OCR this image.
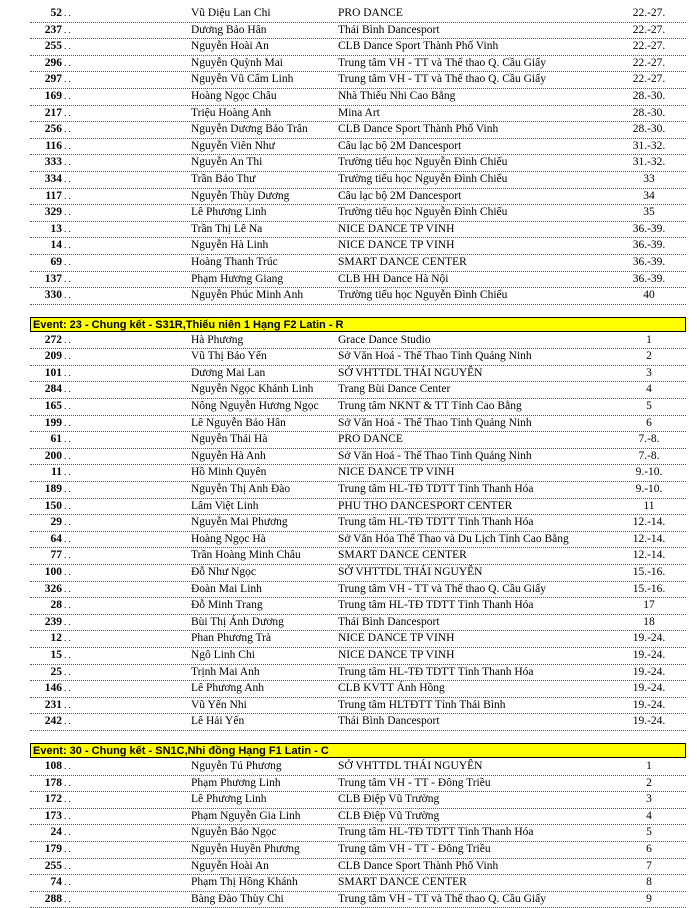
52 . .	Vũ Diệu Lan Chi	PRO DANCE	22.-27.
237 . .	Dương Bảo Hân	Thái Bình Dancesport	22.-27.
255 . .	Nguyễn Hoài An	CLB Dance Sport Thành Phố Vinh	22.-27.
296 . .	Nguyễn Quỳnh Mai	Trung tâm VH - TT và Thể thao Q. Cầu Giấy	22.-27.
297 . .	Nguyễn Vũ Cẩm Linh	Trung tâm VH - TT và Thể thao Q. Cầu Giấy	22.-27.
169 . .	Hoàng Ngọc Châu	Nhà Thiếu Nhi Cao Bằng	28.-30.
217 . .	Triệu Hoàng Anh	Mina Art	28.-30.
256 . .	Nguyễn Dương Bảo Trân	CLB Dance Sport Thành Phố Vinh	28.-30.
116 . .	Nguyễn Viên Như	Câu lạc bộ 2M Dancesport	31.-32.
333 . .	Nguyễn An Thi	Trường tiểu học Nguyễn Đình Chiểu	31.-32.
334 . .	Trần Bảo Thư	Trường tiểu học Nguyễn Đình Chiểu	33
117 . .	Nguyễn Thùy Dương	Câu lạc bộ 2M Dancesport	34
329 . .	Lê Phương Linh	Trường tiểu học Nguyễn Đình Chiểu	35
13 . .	Trần Thị Lê Na	NICE DANCE TP VINH	36.-39.
14 . .	Nguyễn Hà Linh	NICE DANCE TP VINH	36.-39.
69 . .	Hoàng Thanh Trúc	SMART DANCE CENTER	36.-39.
137 . .	Phạm Hương Giang	CLB HH Dance Hà Nội	36.-39.
330 . .	Nguyễn Phúc Minh Anh	Trường tiểu học Nguyễn Đình Chiểu	40
Event: 23 - Chung kết - S31R,Thiếu niên 1 Hạng F2 Latin - R
272 . .	Hà Phương	Grace Dance Studio	1
209 . .	Vũ Thị Bảo Yến	Sở Văn Hoá - Thể Thao Tỉnh Quảng Ninh	2
101 . .	Dương Mai Lan	SỞ VHTTDL THÁI NGUYÊN	3
284 . .	Nguyễn Ngọc Khánh Linh	Trang Bùi Dance Center	4
165 . .	Nông Nguyễn Hương Ngọc	Trung tâm NKNT & TT Tỉnh Cao Bằng	5
199 . .	Lê Nguyễn Bảo Hân	Sở Văn Hoá - Thể Thao Tỉnh Quảng Ninh	6
61 . .	Nguyễn Thái Hà	PRO DANCE	7.-8.
200 . .	Nguyễn Hà Anh	Sở Văn Hoá - Thể Thao Tỉnh Quảng Ninh	7.-8.
11 . .	Hồ Minh Quyên	NICE DANCE TP VINH	9.-10.
189 . .	Nguyễn Thị Anh Đào	Trung tâm HL-TĐ TDTT Tỉnh Thanh Hóa	9.-10.
150 . .	Lâm Việt Linh	PHU THO DANCESPORT CENTER	11
29 . .	Nguyễn Mai Phương	Trung tâm HL-TĐ TDTT Tỉnh Thanh Hóa	12.-14.
64 . .	Hoàng Ngọc Hà	Sở Văn Hóa Thể Thao và Du Lịch Tỉnh Cao Bằng	12.-14.
77 . .	Trần Hoàng Minh Châu	SMART DANCE CENTER	12.-14.
100 . .	Đỗ Như Ngọc	SỞ VHTTDL THÁI NGUYÊN	15.-16.
326 . .	Đoàn Mai Linh	Trung tâm VH - TT và Thể thao Q. Cầu Giấy	15.-16.
28 . .	Đỗ Minh Trang	Trung tâm HL-TĐ TDTT Tỉnh Thanh Hóa	17
239 . .	Bùi Thị Ánh Dương	Thái Bình Dancesport	18
12 . .	Phan Phương Trà	NICE DANCE TP VINH	19.-24.
15 . .	Ngô Linh Chi	NICE DANCE TP VINH	19.-24.
25 . .	Trịnh Mai Anh	Trung tâm HL-TĐ TDTT Tỉnh Thanh Hóa	19.-24.
146 . .	Lê Phương Anh	CLB KVTT Ánh Hồng	19.-24.
231 . .	Vũ Yến Nhi	Trung tâm HLTĐTT Tỉnh Thái Bình	19.-24.
242 . .	Lê Hải Yến	Thái Bình Dancesport	19.-24.
Event: 30 - Chung kết - SN1C,Nhi đồng Hạng F1 Latin - C
108 . .	Nguyễn Tú Phương	SỞ VHTTDL THÁI NGUYÊN	1
178 . .	Phạm Phương Linh	Trung tâm VH - TT - Đông Triều	2
172 . .	Lê Phương Linh	CLB Điệp Vũ Trường	3
173 . .	Phạm Nguyễn Gia Linh	CLB Điệp Vũ Trường	4
24 . .	Nguyễn Bảo Ngọc	Trung tâm HL-TĐ TDTT Tỉnh Thanh Hóa	5
179 . .	Nguyễn Huyền Phương	Trung tâm VH - TT - Đông Triều	6
255 . .	Nguyễn Hoài An	CLB Dance Sport Thành Phố Vinh	7
74 . .	Phạm Thị Hồng Khánh	SMART DANCE CENTER	8
288 . .	Bàng Đào Thùy Chi	Trung tâm VH - TT và Thể thao Q. Cầu Giấy	9
